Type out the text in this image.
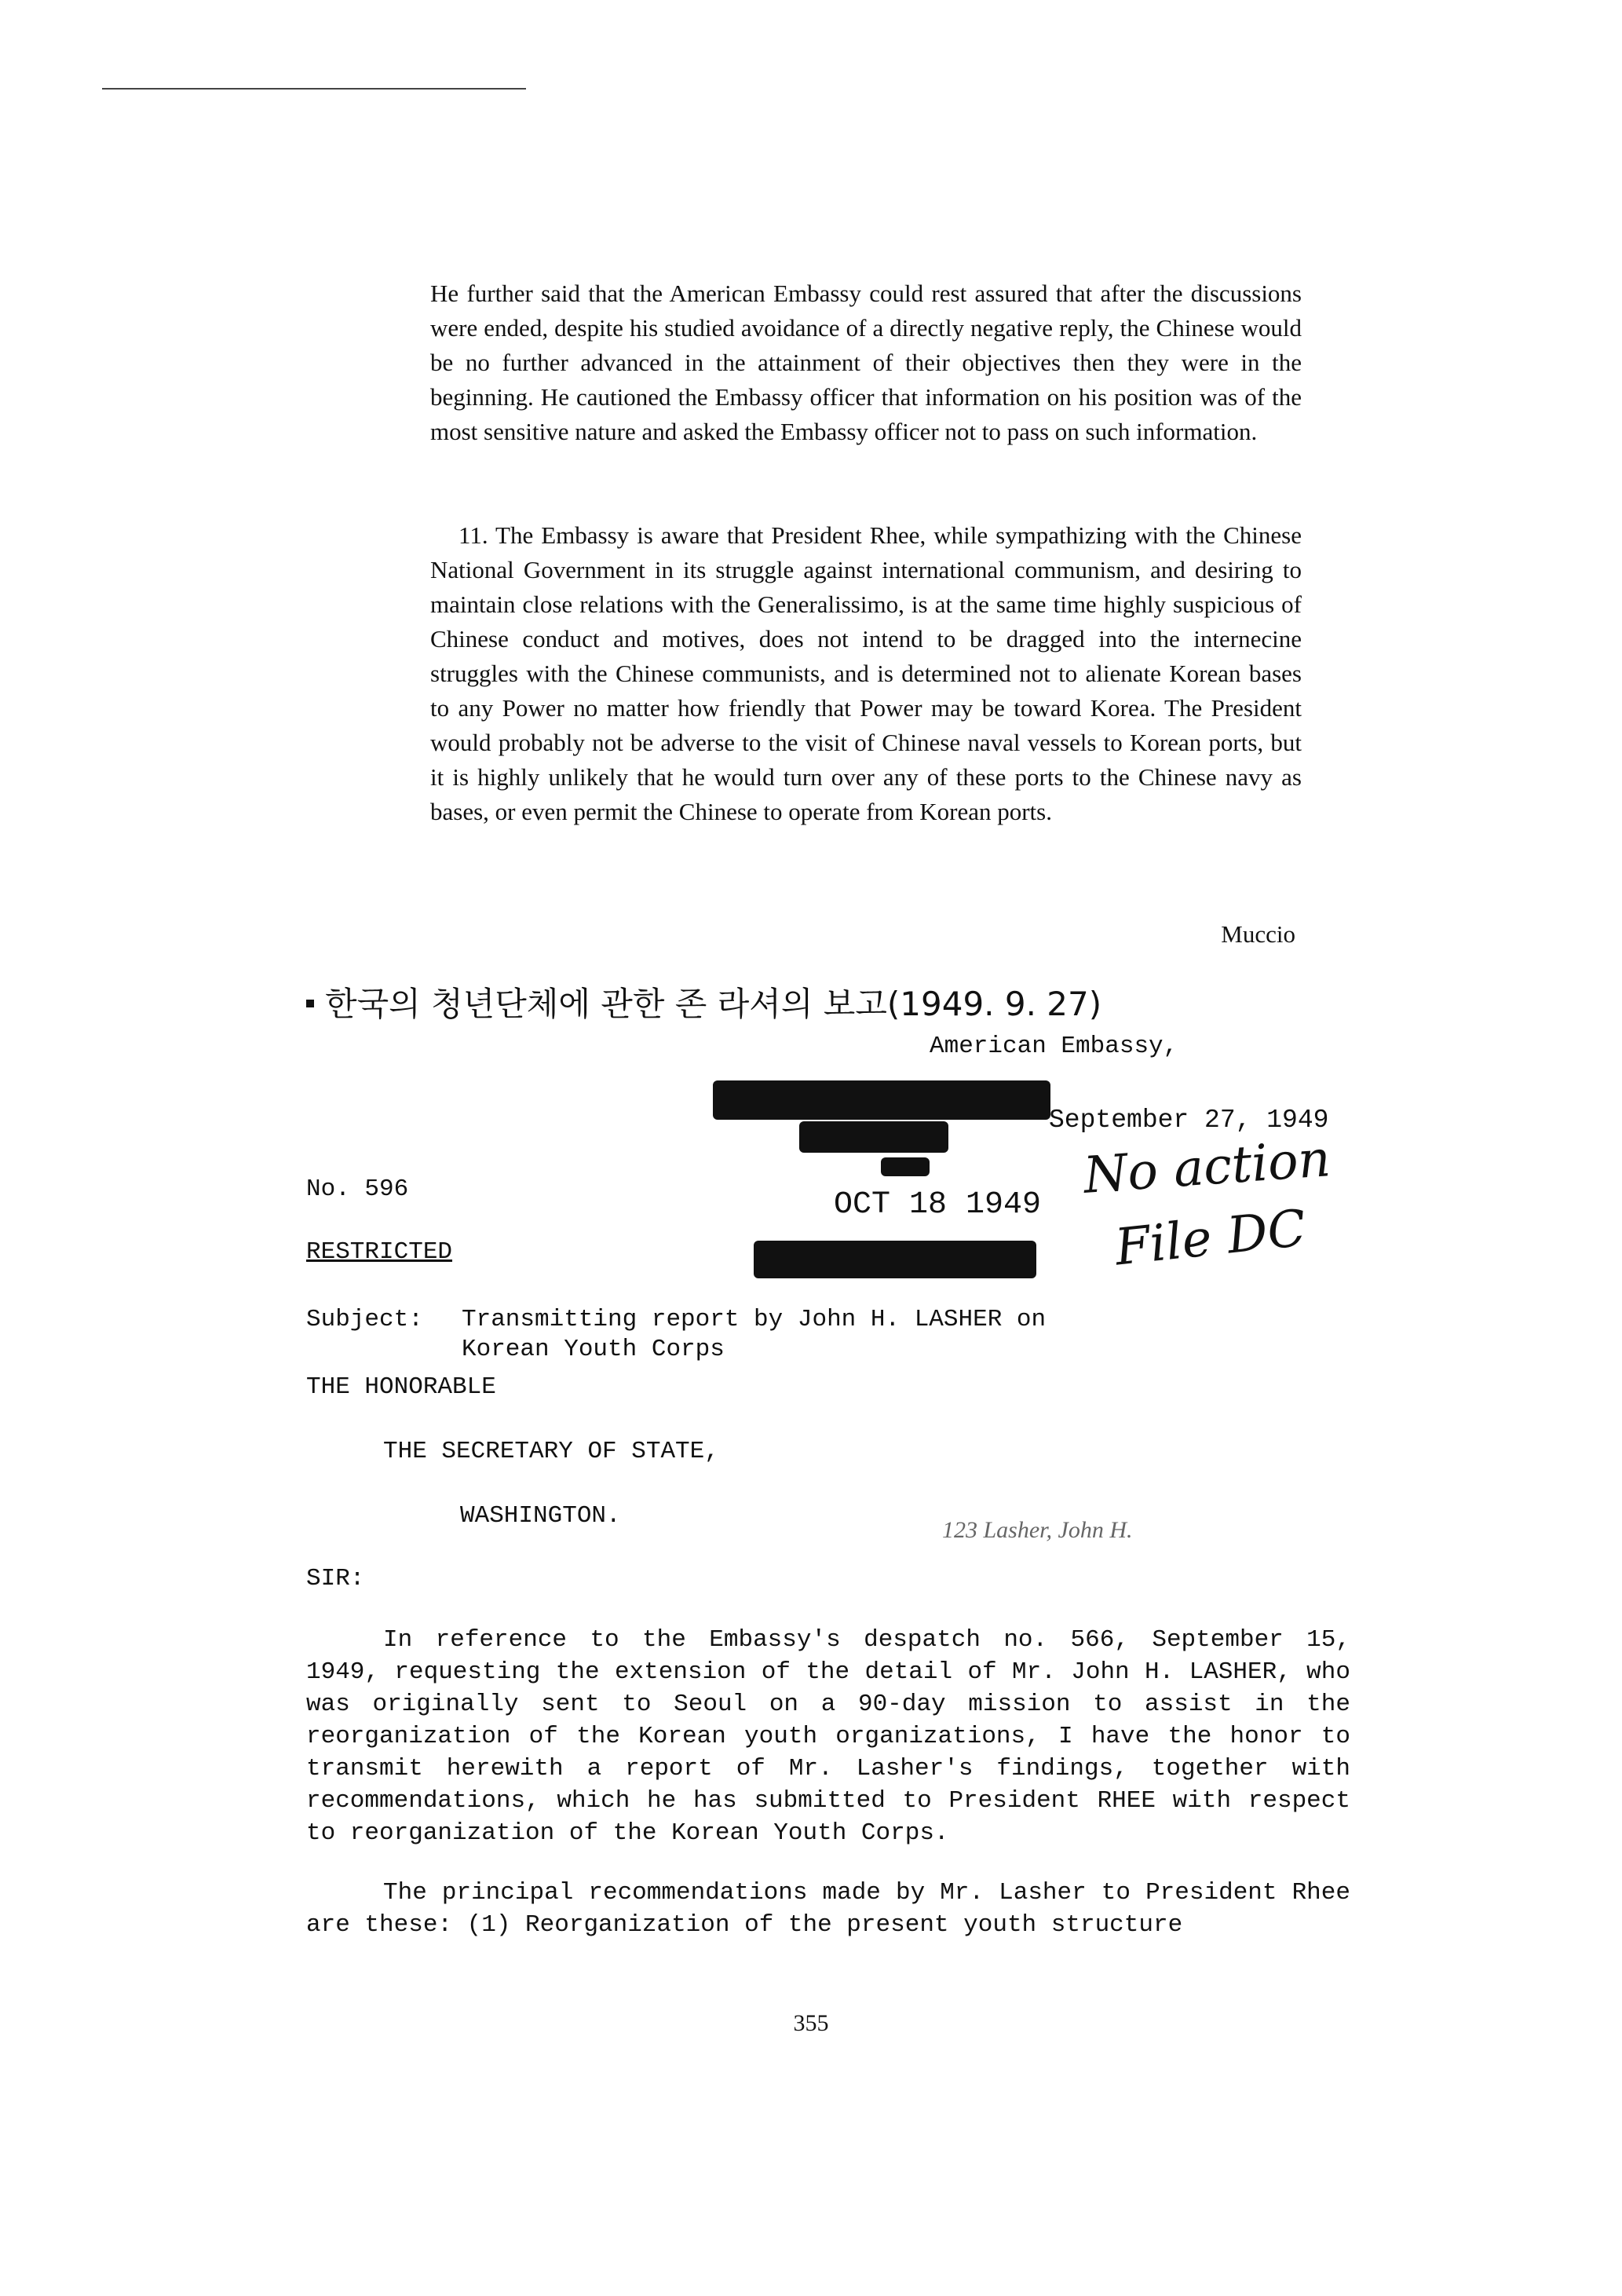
He further said that the American Embassy could rest assured that after the discussions were ended, despite his studied avoidance of a directly negative reply, the Chinese would be no further advanced in the attainment of their objectives then they were in the beginning. He cautioned the Embassy officer that information on his position was of the most sensitive nature and asked the Embassy officer not to pass on such information.

11. The Embassy is aware that President Rhee, while sympathizing with the Chinese National Government in its struggle against international communism, and desiring to maintain close relations with the Generalissimo, is at the same time highly suspicious of Chinese conduct and motives, does not intend to be dragged into the internecine struggles with the Chinese communists, and is determined not to alienate Korean bases to any Power no matter how friendly that Power may be toward Korea. The President would probably not be adverse to the visit of Chinese naval vessels to Korean ports, but it is highly unlikely that he would turn over any of these ports to the Chinese navy as bases, or even permit the Chinese to operate from Korean ports.

Muccio
한국의 청년단체에 관한 존 라셔의 보고(1949. 9. 27)
American Embassy,
September 27, 1949
No. 596	OCT 18 1949 No action
File DC
RESTRICTED
Subject: Transmitting report by John H. LASHER on
Korean Youth Corps
THE HONORABLE
THE SECRETARY OF STATE,
WASHINGTON.
123 Lasher, John H.
SIR:

In reference to the Embassy's despatch no. 566, September 15, 1949, requesting the extension of the detail of Mr. John H. LASHER, who was originally sent to Seoul on a 90-day mission to assist in the reorganization of the Korean youth organizations, I have the honor to transmit herewith a report of Mr. Lasher's findings, together with recommendations, which he has submitted to President RHEE with respect to reorganization of the Korean Youth Corps.

The principal recommendations made by Mr. Lasher to President Rhee are these: (1) Reorganization of the present youth structure

355
